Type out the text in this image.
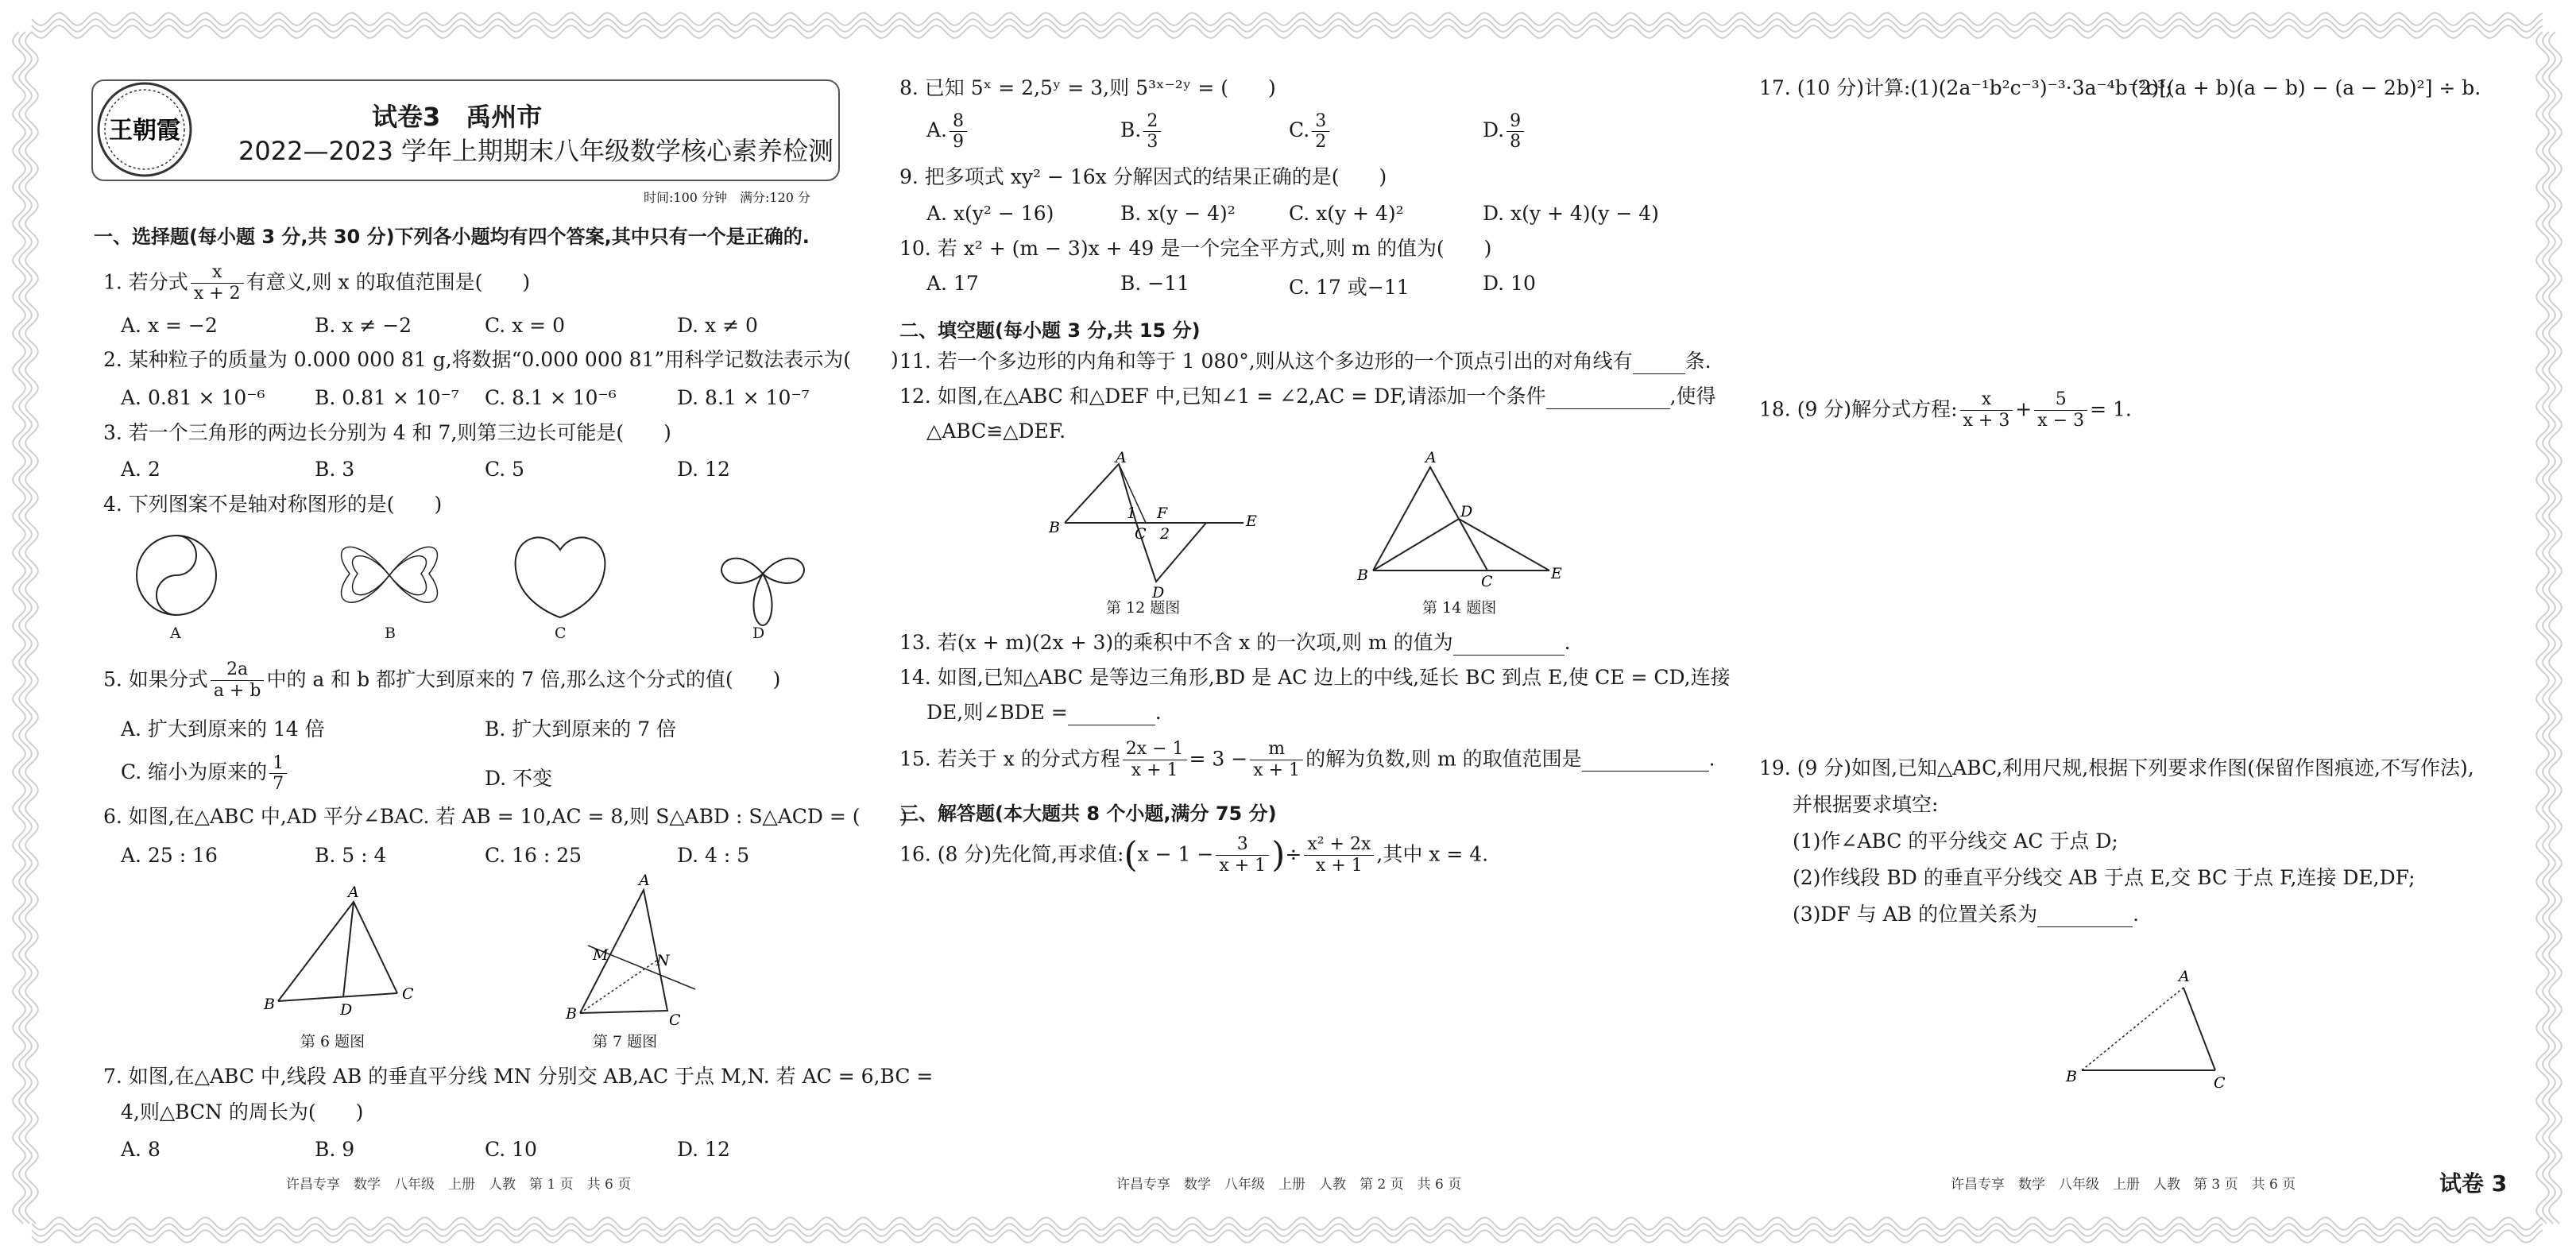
王朝霞	试卷3　禹州市
2022—2023 学年上期期末八年级数学核心素养检测
时间:100 分钟　满分:120 分
一、选择题(每小题 3 分,共 30 分)下列各小题均有四个答案,其中只有一个是正确的.
1. 若分式 $\frac{x}{x + 2}$ 有意义,则 x 的取值范围是(　　)
A. x = −2	B. x ≠ −2	C. x = 0	D. x ≠ 0
2. 某种粒子的质量为 0.000 000 81 g,将数据“0.000 000 81”用科学记数法表示为(　　)
A. 0.81 × 10⁻⁶	B. 0.81 × 10⁻⁷ C. 8.1 × 10⁻⁶	D. 8.1 × 10⁻⁷
3. 若一个三角形的两边长分别为 4 和 7,则第三边长可能是(　　)
A. 2	B. 3	C. 5	D. 12
4. 下列图案不是轴对称图形的是(　　)
A	B	C	D
5. 如果分式 $\frac{2a}{a + b}$ 中的 a 和 b 都扩大到原来的 7 倍,那么这个分式的值(　　)
A. 扩大到原来的 14 倍	B. 扩大到原来的 7 倍
C. 缩小为原来的 $\frac{1}{7}$	D. 不变
6. 如图,在△ABC 中,AD 平分∠BAC. 若 AB = 10,AC = 8,则 S△ABD : S△ACD = (　　)
A. 25 : 16	B. 5 : 4	C. 16 : 25	D. 4 : 5
A
B	D
C
第 6 题图
A
M	N
B	C
第 7 题图
7. 如图,在△ABC 中,线段 AB 的垂直平分线 MN 分别交 AB,AC 于点 M,N. 若 AC = 6,BC =
4,则△BCN 的周长为(　　)
A. 8	B. 9	C. 10	D. 12
许昌专享　数学　八年级　上册　人教　第 1 页　共 6 页
8. 已知 5ˣ = 2,5ʸ = 3,则 5³ˣ⁻²ʸ = (　　)
A. $\frac{8}{9}$	B. $\frac{2}{3}$	C. $\frac{3}{2}$	D. $\frac{9}{8}$
9. 把多项式 xy² − 16x 分解因式的结果正确的是(　　)
A. x(y² − 16)	B. x(y − 4)²	C. x(y + 4)²	D. x(y + 4)(y − 4)
10. 若 x² + (m − 3)x + 49 是一个完全平方式,则 m 的值为(　　)
A. 17	B. −11	C. 17 或−11	D. 10
二、填空题(每小题 3 分,共 15 分)
11. 若一个多边形的内角和等于 1 080°,则从这个多边形的一个顶点引出的对角线有	条.
12. 如图,在△ABC 和△DEF 中,已知∠1 = ∠2,AC = DF,请添加一个条件	,使得
△ABC≌△DEF.
A
B
1
C
F
2
E
D
第 12 题图
A
D
B	C	E
第 14 题图
13. 若(x + m)(2x + 3)的乘积中不含 x 的一次项,则 m 的值为	.
14. 如图,已知△ABC 是等边三角形,BD 是 AC 边上的中线,延长 BC 到点 E,使 CE = CD,连接
DE,则∠BDE =	.
15. 若关于 x 的分式方程 $\frac{2x - 1}{x + 1} = 3 - \frac{m}{x + 1}$ 的解为负数,则 m 的取值范围是	.
三、解答题(本大题共 8 个小题,满分 75 分)
16. (8 分)先化简,再求值:(x − $1 - \frac{3}{x + 1}$ )÷ $\frac{\text{x² + 2x}}{x + 1}$ ,其中 x = 4.
许昌专享　数学　八年级　上册　人教　第 2 页　共 6 页
17. (10 分)计算:(1)(2a⁻¹b²c⁻³)⁻³·3a⁻⁴b⁻²c³;
(2)[(a + b)(a − b) − (a − 2b)²] ÷ b.
18. (9 分)解分式方程: $\frac{x}{x + 3} + \frac{5}{x - 3} = 1$.
19. (9 分)如图,已知△ABC,利用尺规,根据下列要求作图(保留作图痕迹,不写作法),
并根据要求填空:
(1)作∠ABC 的平分线交 AC 于点 D;
(2)作线段 BD 的垂直平分线交 AB 于点 E,交 BC 于点 F,连接 DE,DF;
(3)DF 与 AB 的位置关系为	.
A
B	C
许昌专享　数学　八年级　上册　人教　第 3 页　共 6 页	试卷 3
